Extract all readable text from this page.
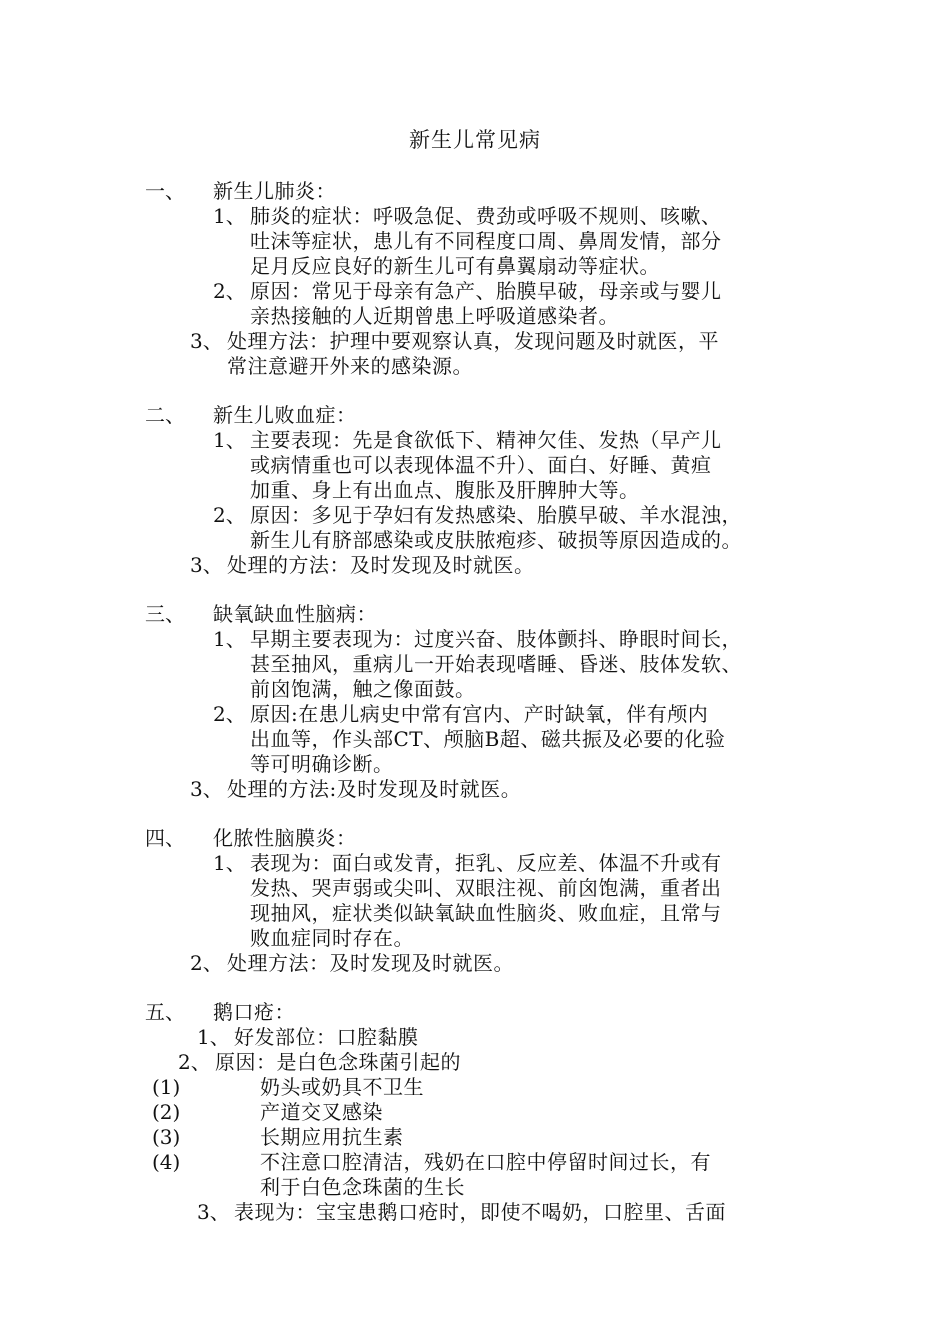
新生儿常见病
一、 新生儿肺炎：
1、 肺炎的症状：呼吸急促、费劲或呼吸不规则、咳嗽、
吐沫等症状，患儿有不同程度口周、鼻周发情，部分
足月反应良好的新生儿可有鼻翼扇动等症状。
2、 原因：常见于母亲有急产、胎膜早破，母亲或与婴儿
亲热接触的人近期曾患上呼吸道感染者。
3、 处理方法：护理中要观察认真，发现问题及时就医，平
常注意避开外来的感染源。
二、 新生儿败血症：
1、 主要表现：先是食欲低下、精神欠佳、发热（早产儿
或病情重也可以表现体温不升）、面白、好睡、黄疸
加重、身上有出血点、腹胀及肝脾肿大等。
2、 原因：多见于孕妇有发热感染、胎膜早破、羊水混浊，
新生儿有脐部感染或皮肤脓疱疹、破损等原因造成的。
3、 处理的方法：及时发现及时就医。
三、 缺氧缺血性脑病：
1、 早期主要表现为：过度兴奋、肢体颤抖、睁眼时间长，
甚至抽风，重病儿一开始表现嗜睡、昏迷、肢体发软、
前囟饱满，触之像面鼓。
2、 原因:在患儿病史中常有宫内、产时缺氧，伴有颅内
出血等，作头部CT、颅脑B超、磁共振及必要的化验
等可明确诊断。
3、 处理的方法:及时发现及时就医。
四、 化脓性脑膜炎：
1、 表现为：面白或发青，拒乳、反应差、体温不升或有
发热、哭声弱或尖叫、双眼注视、前囟饱满，重者出
现抽风，症状类似缺氧缺血性脑炎、败血症，且常与
败血症同时存在。
2、 处理方法：及时发现及时就医。
五、 鹅口疮：
1、 好发部位：口腔黏膜
2、 原因：是白色念珠菌引起的
(1)	奶头或奶具不卫生
(2)	产道交叉感染
(3)	长期应用抗生素
(4)	不注意口腔清洁，残奶在口腔中停留时间过长，有
利于白色念珠菌的生长
3、 表现为：宝宝患鹅口疮时，即使不喝奶，口腔里、舌面
